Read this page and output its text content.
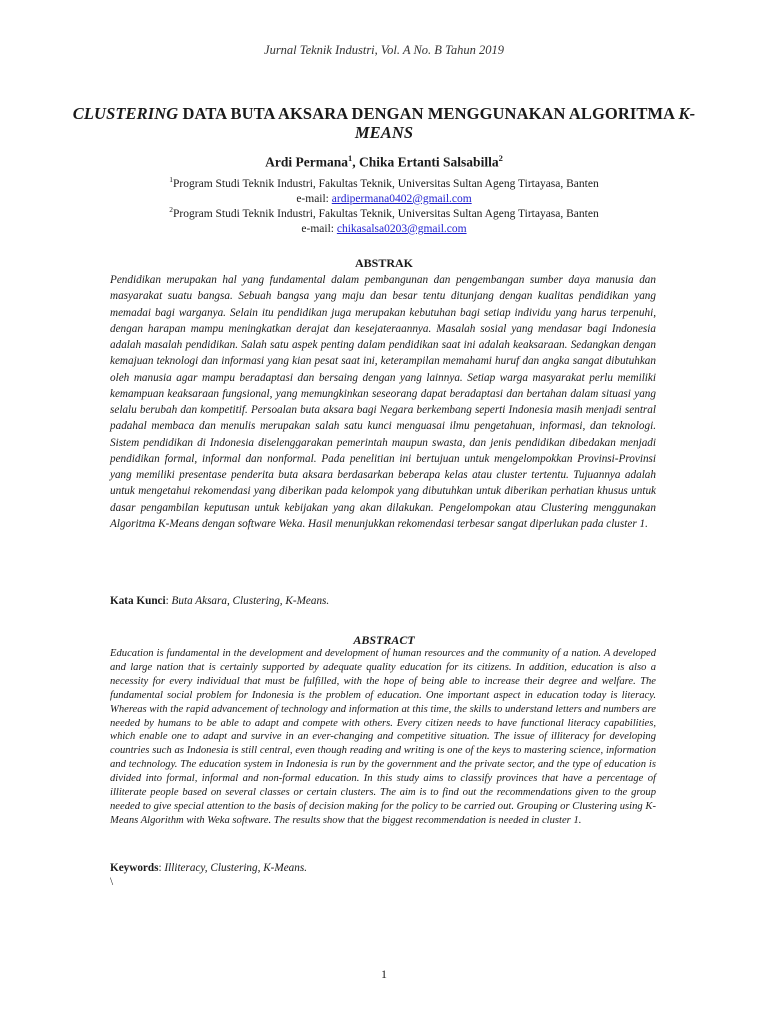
Jurnal Teknik Industri, Vol. A No. B Tahun 2019
CLUSTERING DATA BUTA AKSARA DENGAN MENGGUNAKAN ALGORITMA K-MEANS
Ardi Permana$^1$, Chika Ertanti Salsabilla$^2$
$^1$Program Studi Teknik Industri, Fakultas Teknik, Universitas Sultan Ageng Tirtayasa, Banten
e-mail: ardipermana0402@gmail.com
$^2$Program Studi Teknik Industri, Fakultas Teknik, Universitas Sultan Ageng Tirtayasa, Banten
e-mail: chikasalsa0203@gmail.com
ABSTRAK
Pendidikan merupakan hal yang fundamental dalam pembangunan dan pengembangan sumber daya manusia dan masyarakat suatu bangsa. Sebuah bangsa yang maju dan besar tentu ditunjang dengan kualitas pendidikan yang memadai bagi warganya. Selain itu pendidikan juga merupakan kebutuhan bagi setiap individu yang harus terpenuhi, dengan harapan mampu meningkatkan derajat dan kesejateraannya. Masalah sosial yang mendasar bagi Indonesia adalah masalah pendidikan. Salah satu aspek penting dalam pendidikan saat ini adalah keaksaraan. Sedangkan dengan kemajuan teknologi dan informasi yang kian pesat saat ini, keterampilan memahami huruf dan angka sangat dibutuhkan oleh manusia agar mampu beradaptasi dan bersaing dengan yang lainnya. Setiap warga masyarakat perlu memiliki kemampuan keaksaraan fungsional, yang memungkinkan seseorang dapat beradaptasi dan bertahan dalam situasi yang selalu berubah dan kompetitif. Persoalan buta aksara bagi Negara berkembang seperti Indonesia masih menjadi sentral padahal membaca dan menulis merupakan salah satu kunci menguasai ilmu pengetahuan, informasi, dan teknologi. Sistem pendidikan di Indonesia diselenggarakan pemerintah maupun swasta, dan jenis pendidikan dibedakan menjadi pendidikan formal, informal dan nonformal. Pada penelitian ini bertujuan untuk mengelompokkan Provinsi-Provinsi yang memiliki presentase penderita buta aksara berdasarkan beberapa kelas atau cluster tertentu. Tujuannya adalah untuk mengetahui rekomendasi yang diberikan pada kelompok yang dibutuhkan untuk diberikan perhatian khusus untuk dasar pengambilan keputusan untuk kebijakan yang akan dilakukan. Pengelompokan atau Clustering menggunakan Algoritma K-Means dengan software Weka. Hasil menunjukkan rekomendasi terbesar sangat diperlukan pada cluster 1.
Kata Kunci: Buta Aksara, Clustering, K-Means.
ABSTRACT
Education is fundamental in the development and development of human resources and the community of a nation. A developed and large nation that is certainly supported by adequate quality education for its citizens. In addition, education is also a necessity for every individual that must be fulfilled, with the hope of being able to increase their degree and welfare. The fundamental social problem for Indonesia is the problem of education. One important aspect in education today is literacy. Whereas with the rapid advancement of technology and information at this time, the skills to understand letters and numbers are needed by humans to be able to adapt and compete with others. Every citizen needs to have functional literacy capabilities, which enable one to adapt and survive in an ever-changing and competitive situation. The issue of illiteracy for developing countries such as Indonesia is still central, even though reading and writing is one of the keys to mastering science, information and technology. The education system in Indonesia is run by the government and the private sector, and the type of education is divided into formal, informal and non-formal education. In this study aims to classify provinces that have a percentage of illiterate people based on several classes or certain clusters. The aim is to find out the recommendations given to the group needed to give special attention to the basis of decision making for the policy to be carried out. Grouping or Clustering using K-Means Algorithm with Weka software. The results show that the biggest recommendation is needed in cluster 1.
Keywords: Illiteracy, Clustering, K-Means.
\
1
